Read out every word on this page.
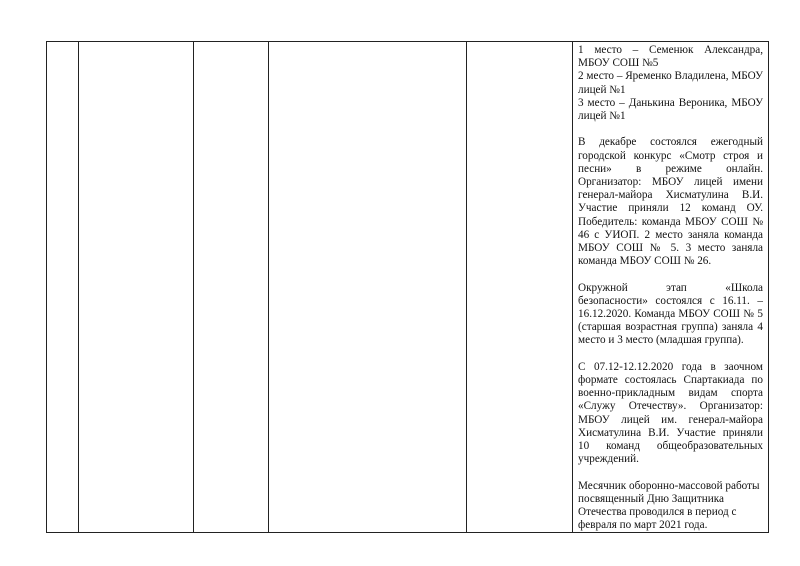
1 место – Семенюк Александра, МБОУ СОШ №5

2 место – Яременко Владилена, МБОУ лицей №1

3 место – Данькина Вероника, МБОУ лицей №1

В декабре состоялся ежегодный городской конкурс «Смотр строя и песни» в режиме онлайн. Организатор: МБОУ лицей имени генерал-майора Хисматулина В.И. Участие приняли 12 команд ОУ. Победитель: команда МБОУ СОШ № 46 с УИОП. 2 место заняла команда МБОУ СОШ № 5. 3 место заняла команда МБОУ СОШ № 26.

Окружной этап «Школа безопасности» состоялся с 16.11. – 16.12.2020. Команда МБОУ СОШ № 5 (старшая возрастная группа) заняла 4 место и 3 место (младшая группа).

С 07.12-12.12.2020 года в заочном формате состоялась Спартакиада по военно-прикладным видам спорта «Служу Отечеству». Организатор: МБОУ лицей им. генерал-майора Хисматулина В.И. Участие приняли 10 команд общеобразовательных учреждений.

Месячник оборонно-массовой работы посвященный Дню Защитника Отечества проводился в период с февраля по март 2021 года.
